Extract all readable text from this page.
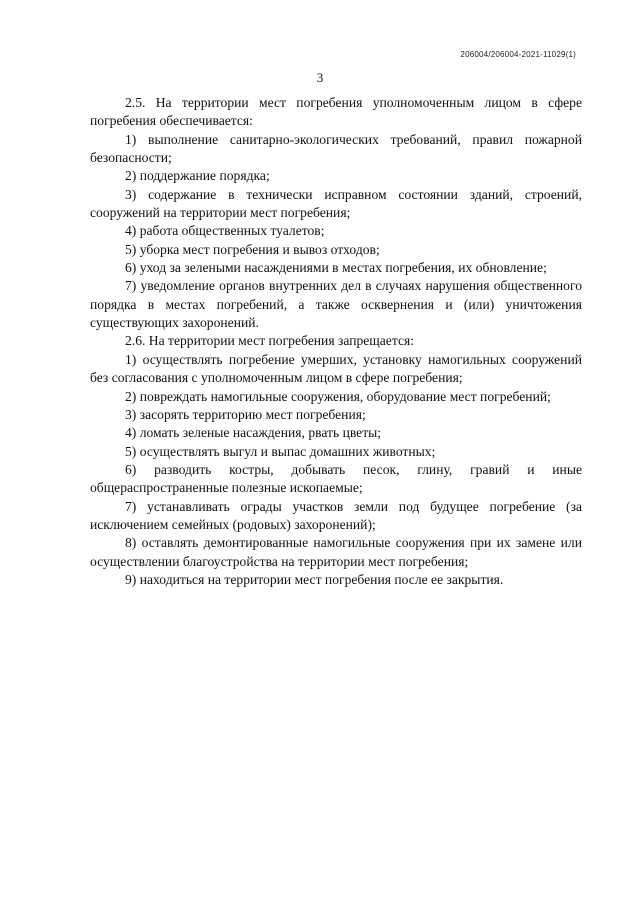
206004/206004-2021-11029(1)
3

2.5. На территории мест погребения уполномоченным лицом в сфере погребения обеспечивается:

1) выполнение санитарно-экологических требований, правил пожарной безопасности;

2) поддержание порядка;

3) содержание в технически исправном состоянии зданий, строений, сооружений на территории мест погребения;

4) работа общественных туалетов;

5) уборка мест погребения и вывоз отходов;

6) уход за зелеными насаждениями в местах погребения, их обновление;

7) уведомление органов внутренних дел в случаях нарушения общественного порядка в местах погребений, а также осквернения и (или) уничтожения существующих захоронений.

2.6. На территории мест погребения запрещается:

1) осуществлять погребение умерших, установку намогильных сооружений без согласования с уполномоченным лицом в сфере погребения;

2) повреждать намогильные сооружения, оборудование мест погребений;

3) засорять территорию мест погребения;

4) ломать зеленые насаждения, рвать цветы;

5) осуществлять выгул и выпас домашних животных;

6) разводить костры, добывать песок, глину, гравий и иные общераспространенные полезные ископаемые;

7) устанавливать ограды участков земли под будущее погребение (за исключением семейных (родовых) захоронений);

8) оставлять демонтированные намогильные сооружения при их замене или осуществлении благоустройства на территории мест погребения;

9) находиться на территории мест погребения после ее закрытия.
